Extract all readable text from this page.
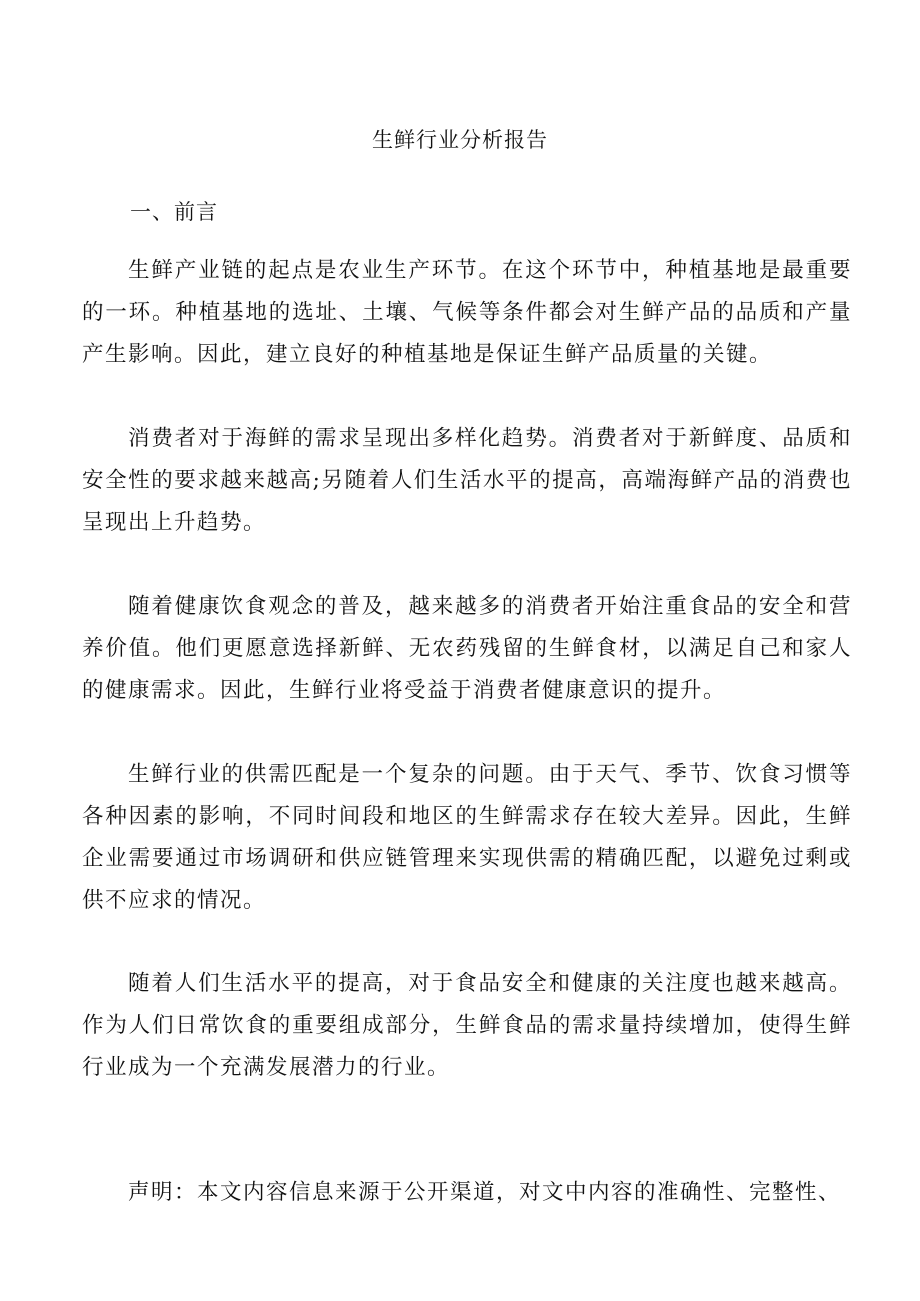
生鲜行业分析报告
一、前言

生鲜产业链的起点是农业生产环节。在这个环节中，种植基地是最重要的一环。种植基地的选址、土壤、气候等条件都会对生鲜产品的品质和产量产生影响。因此，建立良好的种植基地是保证生鲜产品质量的关键。

消费者对于海鲜的需求呈现出多样化趋势。消费者对于新鲜度、品质和安全性的要求越来越高;另随着人们生活水平的提高，高端海鲜产品的消费也呈现出上升趋势。

随着健康饮食观念的普及，越来越多的消费者开始注重食品的安全和营养价值。他们更愿意选择新鲜、无农药残留的生鲜食材，以满足自己和家人的健康需求。因此，生鲜行业将受益于消费者健康意识的提升。

生鲜行业的供需匹配是一个复杂的问题。由于天气、季节、饮食习惯等各种因素的影响，不同时间段和地区的生鲜需求存在较大差异。因此，生鲜企业需要通过市场调研和供应链管理来实现供需的精确匹配，以避免过剩或供不应求的情况。

随着人们生活水平的提高，对于食品安全和健康的关注度也越来越高。作为人们日常饮食的重要组成部分，生鲜食品的需求量持续增加，使得生鲜行业成为一个充满发展潜力的行业。

声明：本文内容信息来源于公开渠道，对文中内容的准确性、完整性、
